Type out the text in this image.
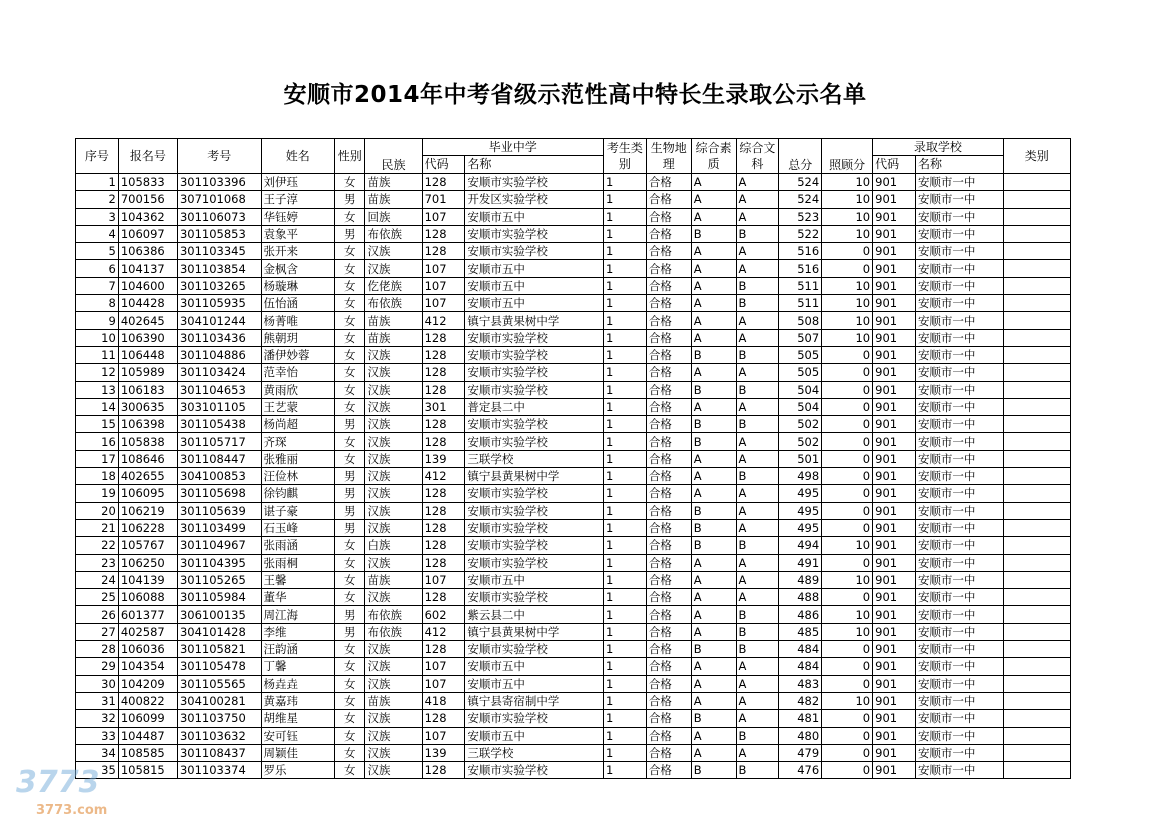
安顺市2014年中考省级示范性高中特长生录取公示名单
序号	报名号	考号	姓名	性别	民族	毕业中学		考生类别	生物地理	综合素质	综合文科	总分	照顾分	录取学校		类别
						代码	名称							代码	名称	
1	105833	301103396	刘伊珏	女	苗族	128	安顺市实验学校	1	合格	A	A	524	10	901	安顺市一中	
2	700156	307101068	王子淳	男	苗族	701	开发区实验学校	1	合格	A	A	524	10	901	安顺市一中	
3	104362	301106073	华钰婷	女	回族	107	安顺市五中	1	合格	A	A	523	10	901	安顺市一中	
4	106097	301105853	袁象平	男	布依族	128	安顺市实验学校	1	合格	B	B	522	10	901	安顺市一中	
5	106386	301103345	张开来	女	汉族	128	安顺市实验学校	1	合格	A	A	516	0	901	安顺市一中	
6	104137	301103854	金枫含	女	汉族	107	安顺市五中	1	合格	A	A	516	0	901	安顺市一中	
7	104600	301103265	杨璇琳	女	仡佬族	107	安顺市五中	1	合格	A	B	511	10	901	安顺市一中	
8	104428	301105935	伍怡涵	女	布依族	107	安顺市五中	1	合格	A	B	511	10	901	安顺市一中	
9	402645	304101244	杨菁唯	女	苗族	412	镇宁县黄果树中学	1	合格	A	A	508	10	901	安顺市一中	
10	106390	301103436	熊朝玥	女	苗族	128	安顺市实验学校	1	合格	A	A	507	10	901	安顺市一中	
11	106448	301104886	潘伊妙蓉	女	汉族	128	安顺市实验学校	1	合格	B	B	505	0	901	安顺市一中	
12	105989	301103424	范幸怡	女	汉族	128	安顺市实验学校	1	合格	A	A	505	0	901	安顺市一中	
13	106183	301104653	黄雨欣	女	汉族	128	安顺市实验学校	1	合格	B	B	504	0	901	安顺市一中	
14	300635	303101105	王艺蒙	女	汉族	301	普定县二中	1	合格	A	A	504	0	901	安顺市一中	
15	106398	301105438	杨尚超	男	汉族	128	安顺市实验学校	1	合格	B	B	502	0	901	安顺市一中	
16	105838	301105717	齐琛	女	汉族	128	安顺市实验学校	1	合格	B	A	502	0	901	安顺市一中	
17	108646	301108447	张雅丽	女	汉族	139	三联学校	1	合格	A	A	501	0	901	安顺市一中	
18	402655	304100853	汪俭林	男	汉族	412	镇宁县黄果树中学	1	合格	A	B	498	0	901	安顺市一中	
19	106095	301105698	徐钧麒	男	汉族	128	安顺市实验学校	1	合格	A	A	495	0	901	安顺市一中	
20	106219	301105639	谌子豪	男	汉族	128	安顺市实验学校	1	合格	B	A	495	0	901	安顺市一中	
21	106228	301103499	石玉峰	男	汉族	128	安顺市实验学校	1	合格	B	A	495	0	901	安顺市一中	
22	105767	301104967	张雨涵	女	白族	128	安顺市实验学校	1	合格	B	B	494	10	901	安顺市一中	
23	106250	301104395	张雨桐	女	汉族	128	安顺市实验学校	1	合格	A	A	491	0	901	安顺市一中	
24	104139	301105265	王馨	女	苗族	107	安顺市五中	1	合格	A	A	489	10	901	安顺市一中	
25	106088	301105984	董华	女	汉族	128	安顺市实验学校	1	合格	A	A	488	0	901	安顺市一中	
26	601377	306100135	周江海	男	布依族	602	紫云县二中	1	合格	A	B	486	10	901	安顺市一中	
27	402587	304101428	李维	男	布依族	412	镇宁县黄果树中学	1	合格	A	B	485	10	901	安顺市一中	
28	106036	301105821	汪韵涵	女	汉族	128	安顺市实验学校	1	合格	B	B	484	0	901	安顺市一中	
29	104354	301105478	丁馨	女	汉族	107	安顺市五中	1	合格	A	A	484	0	901	安顺市一中	
30	104209	301105565	杨垚垚	女	汉族	107	安顺市五中	1	合格	A	A	483	0	901	安顺市一中	
31	400822	304100281	黄嘉玮	女	苗族	418	镇宁县寄宿制中学	1	合格	A	A	482	10	901	安顺市一中	
32	106099	301103750	胡维星	女	汉族	128	安顺市实验学校	1	合格	B	A	481	0	901	安顺市一中	
33	104487	301103632	安可钰	女	汉族	107	安顺市五中	1	合格	A	B	480	0	901	安顺市一中	
34	108585	301108437	周颖佳	女	汉族	139	三联学校	1	合格	A	A	479	0	901	安顺市一中	
35	105815	301103374	罗乐	女	汉族	128	安顺市实验学校	1	合格	B	B	476	0	901	安顺市一中	
3773
3773.com
